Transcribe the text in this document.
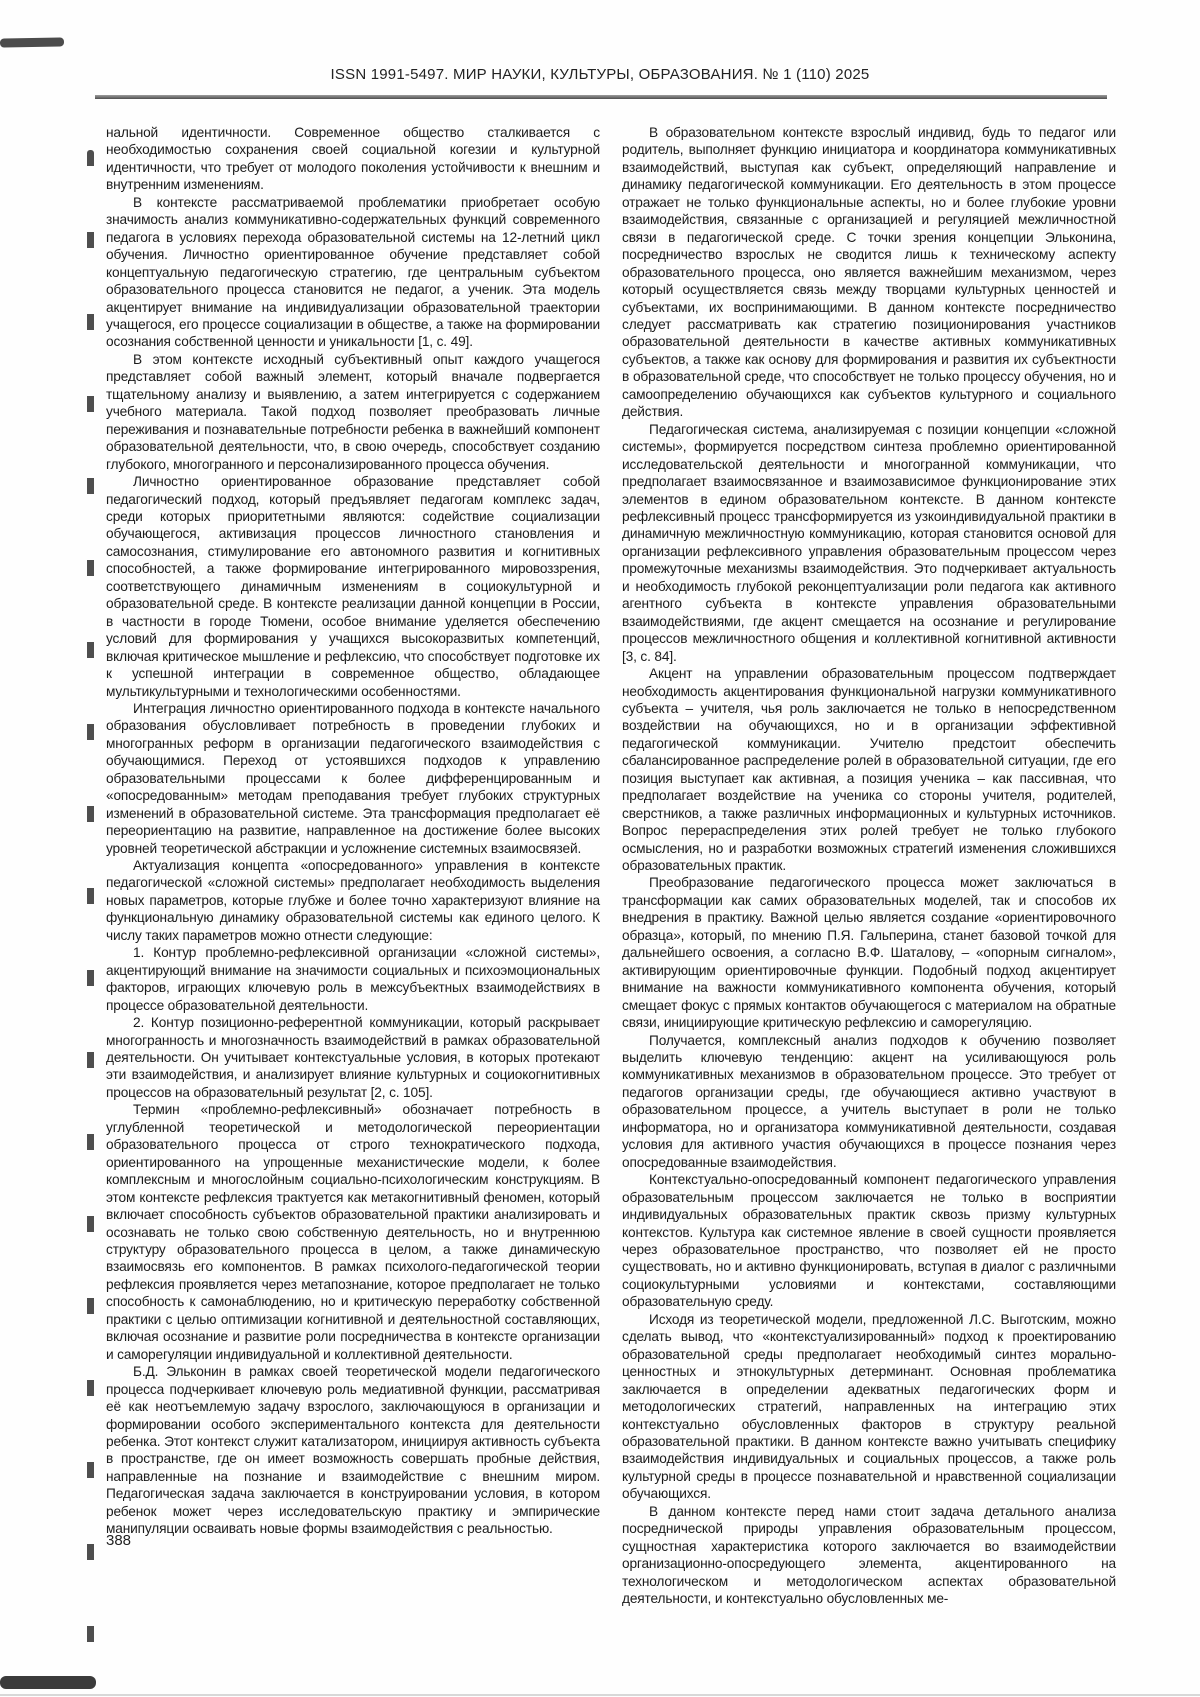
ISSN 1991-5497. МИР НАУКИ, КУЛЬТУРЫ, ОБРАЗОВАНИЯ. № 1 (110) 2025

нальной идентичности. Современное общество сталкивается с необходимостью сохранения своей социальной когезии и культурной идентичности, что требует от молодого поколения устойчивости к внешним и внутренним изменениям.

В контексте рассматриваемой проблематики приобретает особую значимость анализ коммуникативно-содержательных функций современного педагога в условиях перехода образовательной системы на 12-летний цикл обучения. Личностно ориентированное обучение представляет собой концептуальную педагогическую стратегию, где центральным субъектом образовательного процесса становится не педагог, а ученик. Эта модель акцентирует внимание на индивидуализации образовательной траектории учащегося, его процессе социализации в обществе, а также на формировании осознания собственной ценности и уникальности [1, с. 49].

В этом контексте исходный субъективный опыт каждого учащегося представляет собой важный элемент, который вначале подвергается тщательному анализу и выявлению, а затем интегрируется с содержанием учебного материала. Такой подход позволяет преобразовать личные переживания и познавательные потребности ребенка в важнейший компонент образовательной деятельности, что, в свою очередь, способствует созданию глубокого, многогранного и персонализированного процесса обучения.

Личностно ориентированное образование представляет собой педагогический подход, который предъявляет педагогам комплекс задач, среди которых приоритетными являются: содействие социализации обучающегося, активизация процессов личностного становления и самосознания, стимулирование его автономного развития и когнитивных способностей, а также формирование интегрированного мировоззрения, соответствующего динамичным изменениям в социокультурной и образовательной среде. В контексте реализации данной концепции в России, в частности в городе Тюмени, особое внимание уделяется обеспечению условий для формирования у учащихся высокоразвитых компетенций, включая критическое мышление и рефлексию, что способствует подготовке их к успешной интеграции в современное общество, обладающее мультикультурными и технологическими особенностями.

Интеграция личностно ориентированного подхода в контексте начального образования обусловливает потребность в проведении глубоких и многогранных реформ в организации педагогического взаимодействия с обучающимися. Переход от устоявшихся подходов к управлению образовательными процессами к более дифференцированным и «опосредованным» методам преподавания требует глубоких структурных изменений в образовательной системе. Эта трансформация предполагает её переориентацию на развитие, направленное на достижение более высоких уровней теоретической абстракции и усложнение системных взаимосвязей.

Актуализация концепта «опосредованного» управления в контексте педагогической «сложной системы» предполагает необходимость выделения новых параметров, которые глубже и более точно характеризуют влияние на функциональную динамику образовательной системы как единого целого. К числу таких параметров можно отнести следующие:

1. Контур проблемно-рефлексивной организации «сложной системы», акцентирующий внимание на значимости социальных и психоэмоциональных факторов, играющих ключевую роль в межсубъектных взаимодействиях в процессе образовательной деятельности.

2. Контур позиционно-референтной коммуникации, который раскрывает многогранность и многозначность взаимодействий в рамках образовательной деятельности. Он учитывает контекстуальные условия, в которых протекают эти взаимодействия, и анализирует влияние культурных и социокогнитивных процессов на образовательный результат [2, с. 105].

Термин «проблемно-рефлексивный» обозначает потребность в углубленной теоретической и методологической переориентации образовательного процесса от строго технократического подхода, ориентированного на упрощенные механистические модели, к более комплексным и многослойным социально-психологическим конструкциям. В этом контексте рефлексия трактуется как метакогнитивный феномен, который включает способность субъектов образовательной практики анализировать и осознавать не только свою собственную деятельность, но и внутреннюю структуру образовательного процесса в целом, а также динамическую взаимосвязь его компонентов. В рамках психолого-педагогической теории рефлексия проявляется через метапознание, которое предполагает не только способность к самонаблюдению, но и критическую переработку собственной практики с целью оптимизации когнитивной и деятельностной составляющих, включая осознание и развитие роли посредничества в контексте организации и саморегуляции индивидуальной и коллективной деятельности.

Б.Д. Эльконин в рамках своей теоретической модели педагогического процесса подчеркивает ключевую роль медиативной функции, рассматривая её как неотъемлемую задачу взрослого, заключающуюся в организации и формировании особого экспериментального контекста для деятельности ребенка. Этот контекст служит катализатором, инициируя активность субъекта в пространстве, где он имеет возможность совершать пробные действия, направленные на познание и взаимодействие с внешним миром. Педагогическая задача заключается в конструировании условия, в котором ребенок может через исследовательскую практику и эмпирические манипуляции осваивать новые формы взаимодействия с реальностью.

В образовательном контексте взрослый индивид, будь то педагог или родитель, выполняет функцию инициатора и координатора коммуникативных взаимодействий, выступая как субъект, определяющий направление и динамику педагогической коммуникации. Его деятельность в этом процессе отражает не только функциональные аспекты, но и более глубокие уровни взаимодействия, связанные с организацией и регуляцией межличностной связи в педагогической среде. С точки зрения концепции Эльконина, посредничество взрослых не сводится лишь к техническому аспекту образовательного процесса, оно является важнейшим механизмом, через который осуществляется связь между творцами культурных ценностей и субъектами, их воспринимающими. В данном контексте посредничество следует рассматривать как стратегию позиционирования участников образовательной деятельности в качестве активных коммуникативных субъектов, а также как основу для формирования и развития их субъектности в образовательной среде, что способствует не только процессу обучения, но и самоопределению обучающихся как субъектов культурного и социального действия.

Педагогическая система, анализируемая с позиции концепции «сложной системы», формируется посредством синтеза проблемно ориентированной исследовательской деятельности и многогранной коммуникации, что предполагает взаимосвязанное и взаимозависимое функционирование этих элементов в едином образовательном контексте. В данном контексте рефлексивный процесс трансформируется из узкоиндивидуальной практики в динамичную межличностную коммуникацию, которая становится основой для организации рефлексивного управления образовательным процессом через промежуточные механизмы взаимодействия. Это подчеркивает актуальность и необходимость глубокой реконцептуализации роли педагога как активного агентного субъекта в контексте управления образовательными взаимодействиями, где акцент смещается на осознание и регулирование процессов межличностного общения и коллективной когнитивной активности [3, с. 84].

Акцент на управлении образовательным процессом подтверждает необходимость акцентирования функциональной нагрузки коммуникативного субъекта – учителя, чья роль заключается не только в непосредственном воздействии на обучающихся, но и в организации эффективной педагогической коммуникации. Учителю предстоит обеспечить сбалансированное распределение ролей в образовательной ситуации, где его позиция выступает как активная, а позиция ученика – как пассивная, что предполагает воздействие на ученика со стороны учителя, родителей, сверстников, а также различных информационных и культурных источников. Вопрос перераспределения этих ролей требует не только глубокого осмысления, но и разработки возможных стратегий изменения сложившихся образовательных практик.

Преобразование педагогического процесса может заключаться в трансформации как самих образовательных моделей, так и способов их внедрения в практику. Важной целью является создание «ориентировочного образца», который, по мнению П.Я. Гальперина, станет базовой точкой для дальнейшего освоения, а согласно В.Ф. Шаталову, – «опорным сигналом», активирующим ориентировочные функции. Подобный подход акцентирует внимание на важности коммуникативного компонента обучения, который смещает фокус с прямых контактов обучающегося с материалом на обратные связи, инициирующие критическую рефлексию и саморегуляцию.

Получается, комплексный анализ подходов к обучению позволяет выделить ключевую тенденцию: акцент на усиливающуюся роль коммуникативных механизмов в образовательном процессе. Это требует от педагогов организации среды, где обучающиеся активно участвуют в образовательном процессе, а учитель выступает в роли не только информатора, но и организатора коммуникативной деятельности, создавая условия для активного участия обучающихся в процессе познания через опосредованные взаимодействия.

Контекстуально-опосредованный компонент педагогического управления образовательным процессом заключается не только в восприятии индивидуальных образовательных практик сквозь призму культурных контекстов. Культура как системное явление в своей сущности проявляется через образовательное пространство, что позволяет ей не просто существовать, но и активно функционировать, вступая в диалог с различными социокультурными условиями и контекстами, составляющими образовательную среду.

Исходя из теоретической модели, предложенной Л.С. Выготским, можно сделать вывод, что «контекстуализированный» подход к проектированию образовательной среды предполагает необходимый синтез морально-ценностных и этнокультурных детерминант. Основная проблематика заключается в определении адекватных педагогических форм и методологических стратегий, направленных на интеграцию этих контекстуально обусловленных факторов в структуру реальной образовательной практики. В данном контексте важно учитывать специфику взаимодействия индивидуальных и социальных процессов, а также роль культурной среды в процессе познавательной и нравственной социализации обучающихся.

В данном контексте перед нами стоит задача детального анализа посреднической природы управления образовательным процессом, сущностная характеристика которого заключается во взаимодействии организационно-опосредующего элемента, акцентированного на технологическом и методологическом аспектах образовательной деятельности, и контекстуально обусловленных ме-

388
